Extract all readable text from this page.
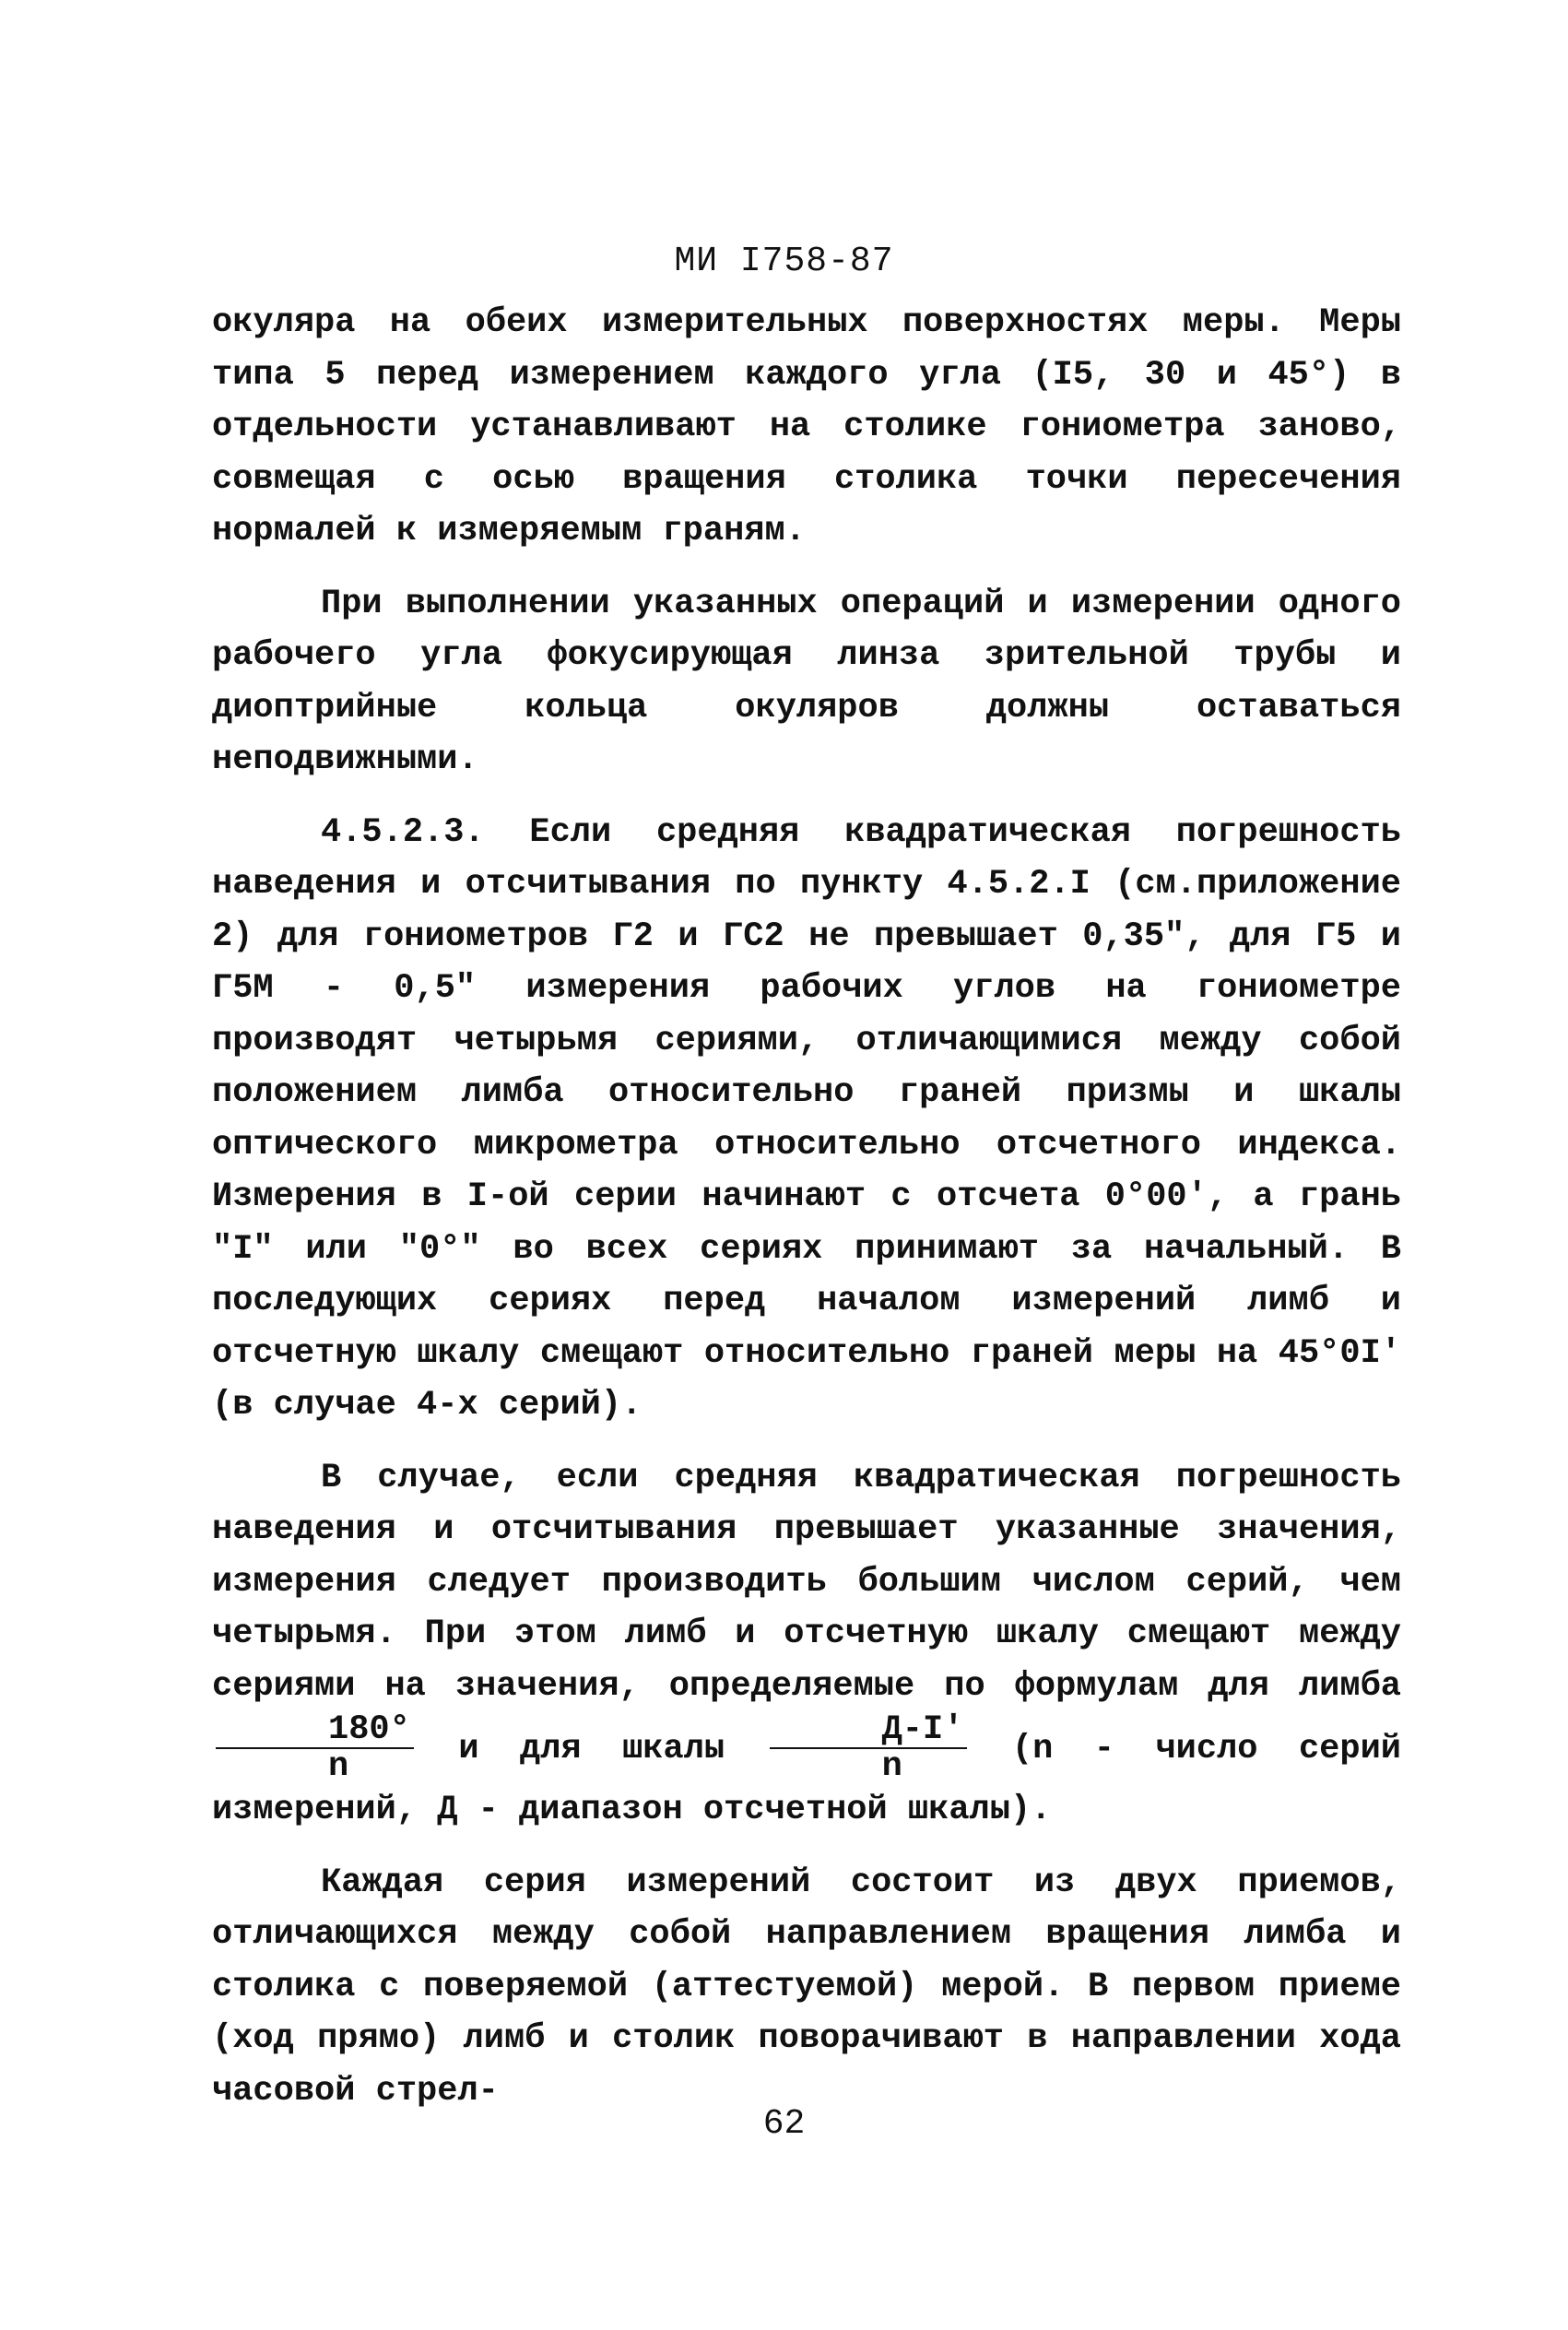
МИ I758-87

окуляра на обеих измерительных поверхностях меры. Меры типа 5 перед измерением каждого угла (I5, 30 и 45°) в отдельности устанавливают на столике гониометра заново, совмещая с осью вращения столика точки пересечения нормалей к измеряемым граням.

При выполнении указанных операций и измерении одного рабочего угла фокусирующая линза зрительной трубы и диоптрийные кольца окуляров должны оставаться неподвижными.

4.5.2.3. Если средняя квадратическая погрешность наведения и отсчитывания по пункту 4.5.2.I (см.приложение 2) для гониометров Г2 и ГС2 не превышает 0,35", для Г5 и Г5М - 0,5" измерения рабочих углов на гониометре производят четырьмя сериями, отличающимися между собой положением лимба относительно граней призмы и шкалы оптического микрометра относительно отсчетного индекса. Измерения в I-ой серии начинают с отсчета 0°00', а грань "I" или "0°" во всех сериях принимают за начальный. В последующих сериях перед началом измерений лимб и отсчетную шкалу смещают относительно граней меры на 45°0I' (в случае 4-х серий).

В случае, если средняя квадратическая погрешность наведения и отсчитывания превышает указанные значения, измерения следует производить большим числом серий, чем четырьмя. При этом лимб и отсчетную шкалу смещают между сериями на значения, определяемые по формулам для лимба
$\frac{180^\circ}{n}$ и для шкалы $\frac{Д-I'}{n} (n$ - число серий измерений, Д - диапазон отсчетной шкалы).

Каждая серия измерений состоит из двух приемов, отличающихся между собой направлением вращения лимба и столика с поверяемой (аттестуемой) мерой. В первом приеме (ход прямо) лимб и столик поворачивают в направлении хода часовой стрел-

62
